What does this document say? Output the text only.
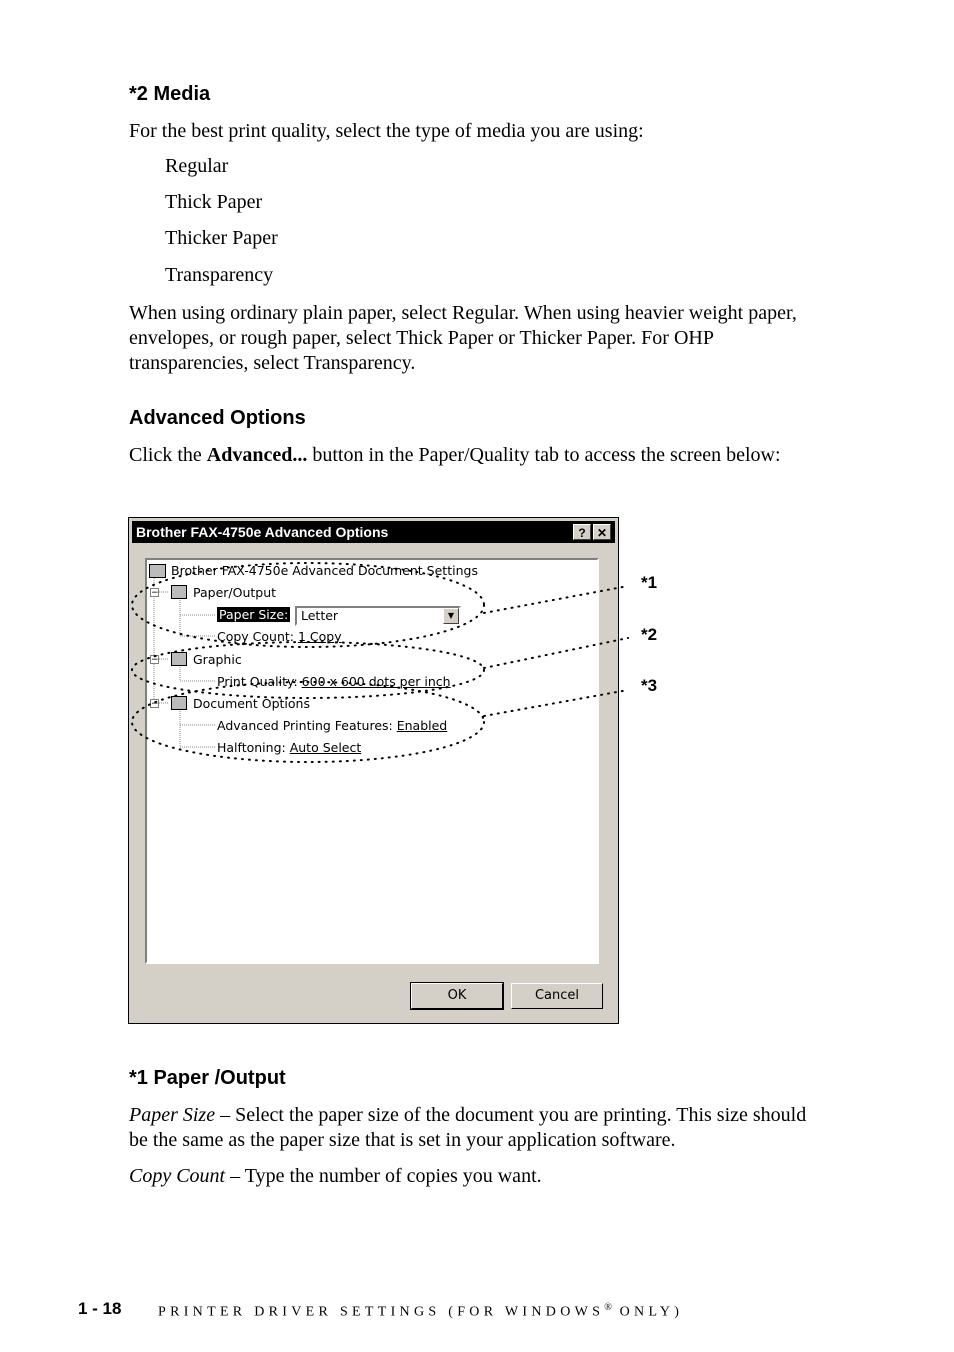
*2 Media

For the best print quality, select the type of media you are using:

Regular

Thick Paper

Thicker Paper

Transparency

When using ordinary plain paper, select Regular. When using heavier weight paper, envelopes, or rough paper, select Thick Paper or Thicker Paper. For OHP transparencies, select Transparency.

Advanced Options

Click the Advanced... button in the Paper/Quality tab to access the screen below:

Brother FAX-4750e Advanced Options	? ✕
Brother FAX-4750e Advanced Document Settings
−	Paper/Output
Paper Size: Letter	▼
Copy Count: 1 Copy
−	Graphic
Print Quality: 600 x 600 dots per inch
−	Document Options
Advanced Printing Features: Enabled
Halftoning: Auto Select
OK	Cancel
*1
*2
*3
*1 Paper /Output

Paper Size – Select the paper size of the document you are printing. This size should be the same as the paper size that is set in your application software.

Copy Count – Type the number of copies you want.

1 - 18	PRINTER DRIVER SETTINGS (FOR WINDOWS® ONLY)
